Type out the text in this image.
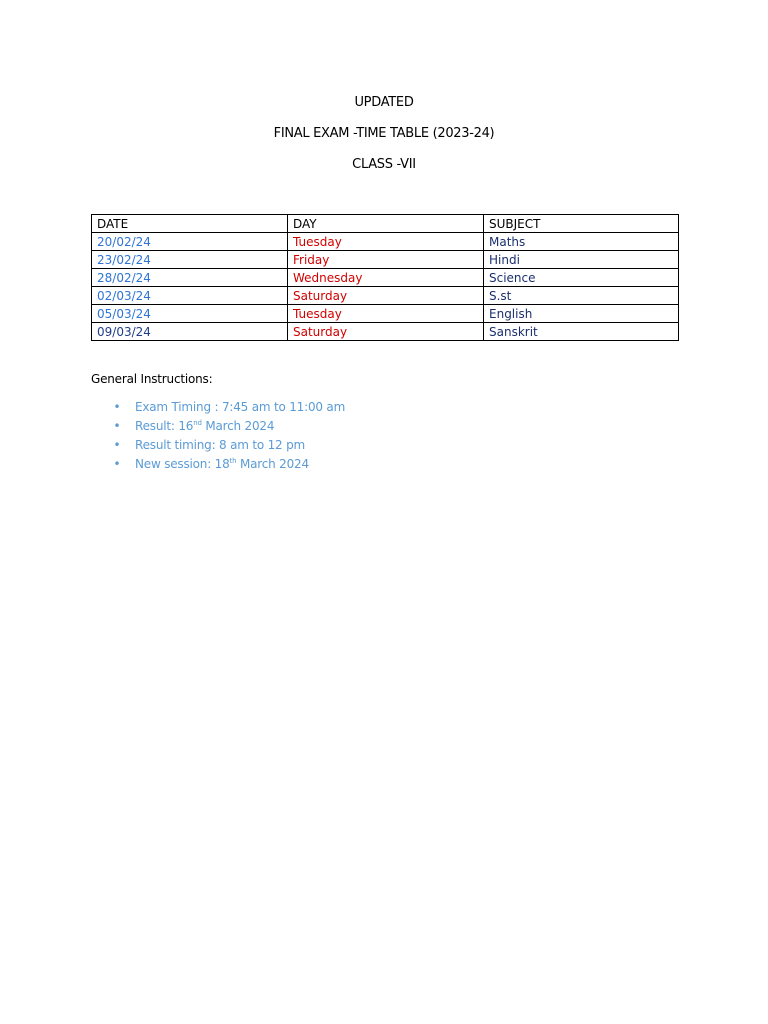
UPDATED
FINAL EXAM -TIME TABLE (2023-24)
CLASS -VII
DATE	DAY	SUBJECT
20/02/24	Tuesday	Maths
23/02/24	Friday	Hindi
28/02/24	Wednesday	Science
02/03/24	Saturday	S.st
05/03/24	Tuesday	English
09/03/24	Saturday	Sanskrit
General Instructions:
• Exam Timing : 7:45 am to 11:00 am
• Result: 16nd March 2024
• Result timing: 8 am to 12 pm
• New session: 18th March 2024
